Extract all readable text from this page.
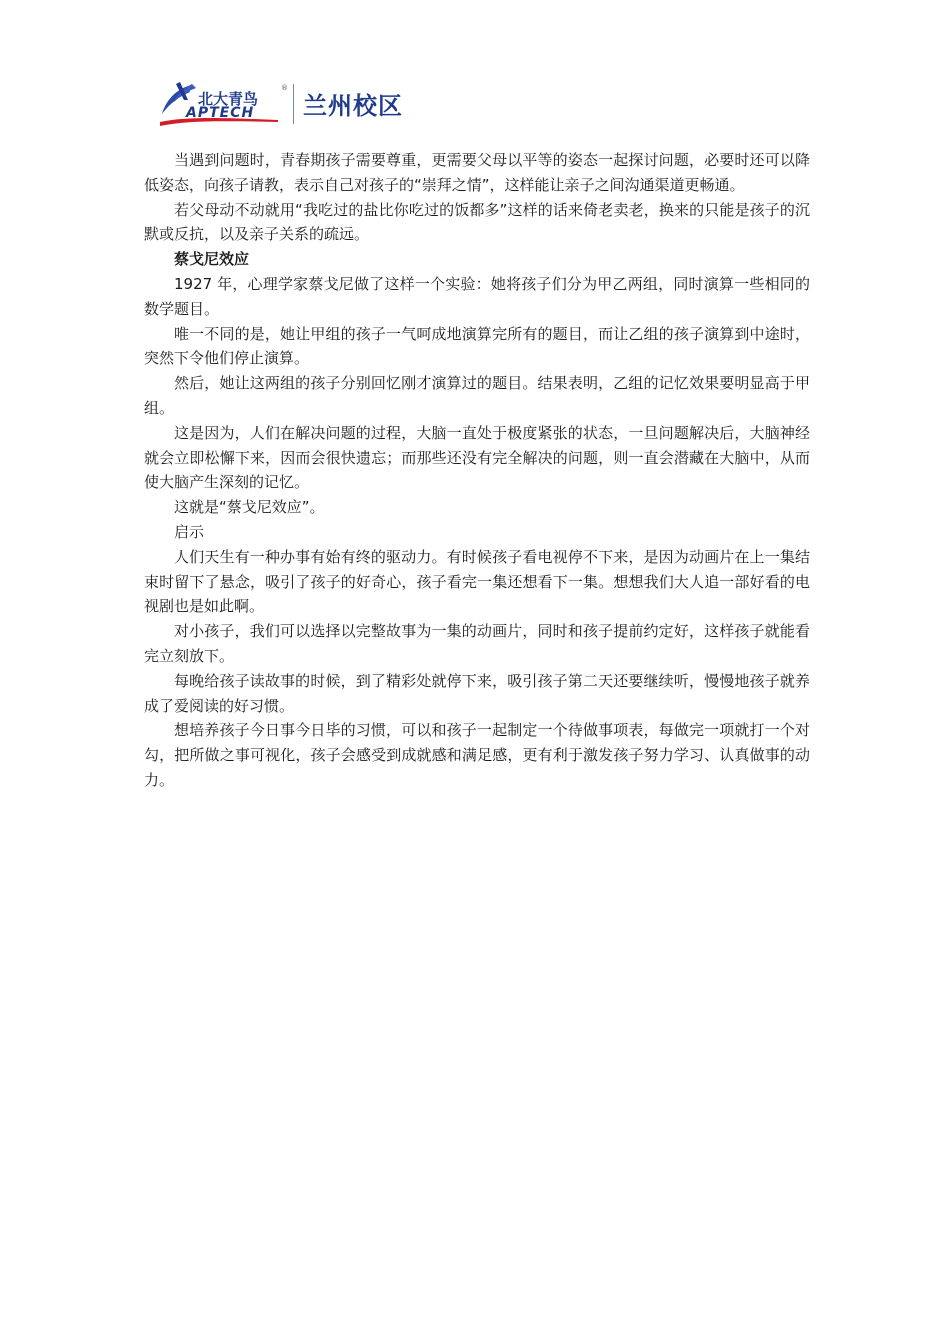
北大青鸟
®
APTECH 兰州校区

当遇到问题时，青春期孩子需要尊重，更需要父母以平等的姿态一起探讨问题，必要时还可以降低姿态，向孩子请教，表示自己对孩子的“崇拜之情”，这样能让亲子之间沟通渠道更畅通。

若父母动不动就用“我吃过的盐比你吃过的饭都多”这样的话来倚老卖老，换来的只能是孩子的沉默或反抗，以及亲子关系的疏远。

蔡戈尼效应

1927 年，心理学家蔡戈尼做了这样一个实验：她将孩子们分为甲乙两组，同时演算一些相同的数学题目。

唯一不同的是，她让甲组的孩子一气呵成地演算完所有的题目，而让乙组的孩子演算到中途时，突然下令他们停止演算。

然后，她让这两组的孩子分别回忆刚才演算过的题目。结果表明，乙组的记忆效果要明显高于甲组。

这是因为，人们在解决问题的过程，大脑一直处于极度紧张的状态，一旦问题解决后，大脑神经就会立即松懈下来，因而会很快遗忘；而那些还没有完全解决的问题，则一直会潜藏在大脑中，从而使大脑产生深刻的记忆。

这就是“蔡戈尼效应”。

启示

人们天生有一种办事有始有终的驱动力。有时候孩子看电视停不下来，是因为动画片在上一集结束时留下了悬念，吸引了孩子的好奇心，孩子看完一集还想看下一集。想想我们大人追一部好看的电视剧也是如此啊。

对小孩子，我们可以选择以完整故事为一集的动画片，同时和孩子提前约定好，这样孩子就能看完立刻放下。

每晚给孩子读故事的时候，到了精彩处就停下来，吸引孩子第二天还要继续听，慢慢地孩子就养成了爱阅读的好习惯。

想培养孩子今日事今日毕的习惯，可以和孩子一起制定一个待做事项表，每做完一项就打一个对勾，把所做之事可视化，孩子会感受到成就感和满足感，更有利于激发孩子努力学习、认真做事的动力。
